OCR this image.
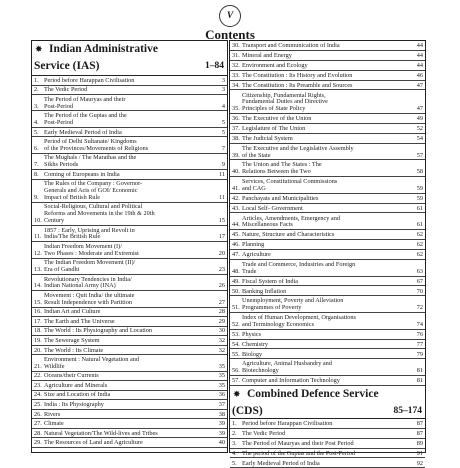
V
Contents
✸ Indian Administrative
Service (IAS)	1–84
1. Period before Harappan Civilisation	3
2. The Vedic Period	3
3.
The Period of Mauryas and their
Post-Period	4
4.
The Period of the Guptas and the
Post-Period	5
5. Early Medieval Period of India	5
6.
Period of Delhi Sultanate/ Kingdoms
of the Provinces/Movements of Religions	7
7.
The Mughals / The Marathas and the
Sikhs Periods	9
8. Coming of Europeans in India	11
9.
The Rules of the Company : Governor-
Generals and Acts of GOI/ Economic
Impact of British Rule	11
10.
Social-Religious, Cultural and Political
Reforms and Movements in the 19th & 20th
Century	15
11.
1857 : Early, Uprising and Revolt in
India/The British Rule	17
12.
Indian Freedom Movement (I)/
Two Phases : Moderate and Extremist	20
13.
The Indian Freedom Movement (II)/
Era of Gandhi	23
14.
Revolutionary Tendencies in India/
Indian National Army (INA)	26
15.
Movement : Quit India/ the ultimate
Result Independence with Partition	27
16. Indian Art and Culture	28
17. The Earth and The Universe	29
18. The World : Its Physiography and Location	30
19. The Sewerage System	32
20. The World : Its Climate	32
21.
Environment : Natural Vegetation and
Wildlife	35
22. Oceans/their Currents	35
23. Agriculture and Minerals	35
24. Size and Location of India	36
25. India : Its Physiography	37
26. Rivers	38
27. Climate	39
28. Natural Vegetation/The Wild-lives and Tribes	39
29. The Resources of Land and Agriculture	40
30. Transport and Communication of India	44
31. Mineral and Energy	44
32. Environment and Ecology	44
33. The Constitution : Its History and Evolution	46
34. The Constitution : Its Preamble and Sources	47
35.
Citizenship, Fundamental Rights,
Fundamental Duties and Directive
Principles of State Policy	47
36. The Executive of the Union	49
37. Legislature of The Union	52
38. The Judicial System	54
39.
The Executive and the Legislative Assembly
of the State	57
40.
The Union and The States : The
Relations Between the Two	58
41.
Services, Constitutional Commissions
and CAG	59
42. Panchayats and Municipalities	59
43. Local Self- Government	61
44.
Articles, Amendments, Emergency and
Miscellaneous Facts	61
45. Nature, Structure and Characteristics	62
46. Planning	62
47. Agriculture	62
48.
Trade and Commerce, Industries and Foreign
Trade	63
49. Fiscal System of India	67
50. Banking Inflation	70
51.
Unemployment, Poverty and Alleviation
Programmes of Poverty	72
52.
Index of Human Development, Organisations
and Terminology Economics	74
53. Physics	76
54. Chemistry	77
55. Biology	79
56.
Agriculture, Animal Husbandry and
Biotechnology	81
57. Computer and Information Technology	81
✸ Combined Defence Service
(CDS)	85–174
1. Period before Harappan Civilisation	87
2. The Vedic Period	87
3. The Period of Mauryas and their Post Period	89
4. The period of the Guptas and the Post-Period	91
5. Early Medieval Period of India	92
